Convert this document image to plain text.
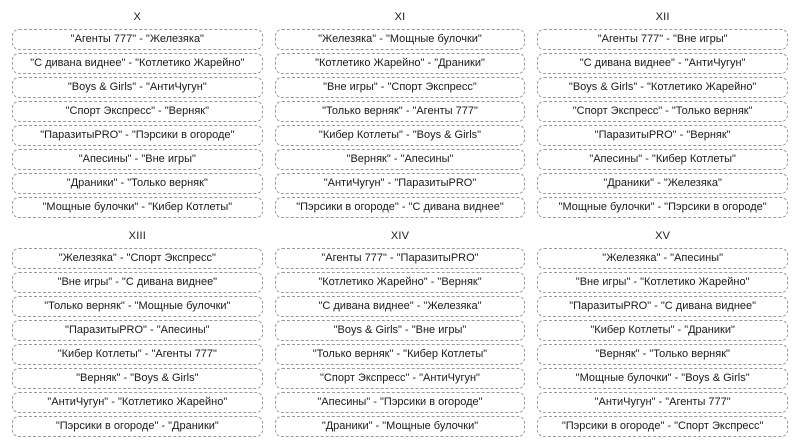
X
"Агенты 777" - "Железяка"
"С дивана виднее" - "Котлетико Жарейно"
"Boys & Girls" - "АнтиЧугун"
"Спорт Экспресс" - "Верняк"
"ПаразитыPRO" - "Пэрсики в огороде"
"Апесины" - "Вне игры"
"Драники" - "Только верняк"
"Мощные булочки" - "Кибер Котлеты"
XI
"Железяка" - "Мощные булочки"
"Котлетико Жарейно" - "Драники"
"Вне игры" - "Спорт Экспресс"
"Только верняк" - "Агенты 777"
"Кибер Котлеты" - "Boys & Girls"
"Верняк" - "Апесины"
"АнтиЧугун" - "ПаразитыPRO"
"Пэрсики в огороде" - "С дивана виднее"
XII
"Агенты 777" - "Вне игры"
"С дивана виднее" - "АнтиЧугун"
"Boys & Girls" - "Котлетико Жарейно"
"Спорт Экспресс" - "Только верняк"
"ПаразитыPRO" - "Верняк"
"Апесины" - "Кибер Котлеты"
"Драники" - "Железяка"
"Мощные булочки" - "Пэрсики в огороде"
XIII
"Железяка" - "Спорт Экспресс"
"Вне игры" - "С дивана виднее"
"Только верняк" - "Мощные булочки"
"ПаразитыPRO" - "Апесины"
"Кибер Котлеты" - "Агенты 777"
"Верняк" - "Boys & Girls"
"АнтиЧугун" - "Котлетико Жарейно"
"Пэрсики в огороде" - "Драники"
XIV
"Агенты 777" - "ПаразитыPRO"
"Котлетико Жарейно" - "Верняк"
"С дивана виднее" - "Железяка"
"Boys & Girls" - "Вне игры"
"Только верняк" - "Кибер Котлеты"
"Спорт Экспресс" - "АнтиЧугун"
"Апесины" - "Пэрсики в огороде"
"Драники" - "Мощные булочки"
XV
"Железяка" - "Апесины"
"Вне игры" - "Котлетико Жарейно"
"ПаразитыPRO" - "С дивана виднее"
"Кибер Котлеты" - "Драники"
"Верняк" - "Только верняк"
"Мощные булочки" - "Boys & Girls"
"АнтиЧугун" - "Агенты 777"
"Пэрсики в огороде" - "Спорт Экспресс"
